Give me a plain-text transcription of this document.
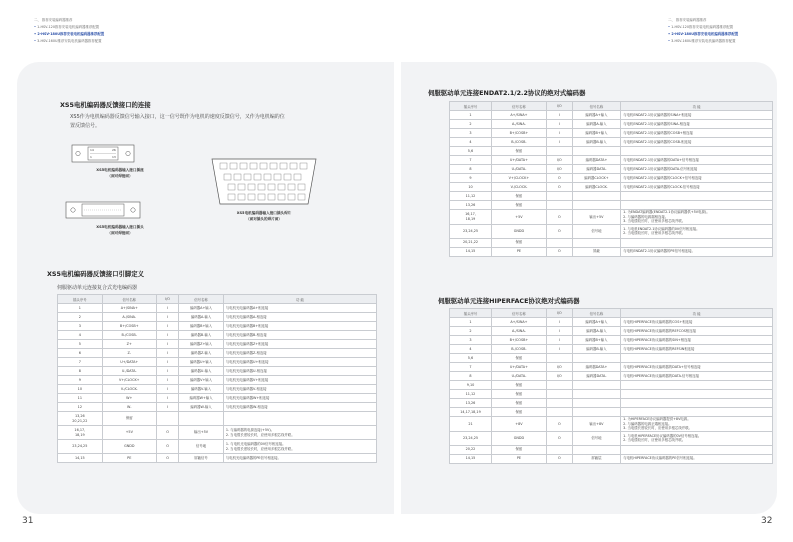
二、 推荐安装编码器推荐
• 1-HSV-120推荐安装电机编码器推荐配置
• 2-HSV-180U推荐安装电机编码器推荐配置
• 3-HSV-160U推荐安装电机编码器推荐配置
二、 推荐安装编码器推荐
• 1-HSV-120推荐安装电机编码器推荐配置
• 2-HSV-180U推荐安装电机编码器推荐配置
• 3-HSV-160U推荐安装电机编码器推荐配置
XS5电机编码器反馈接口的连接
XS5作为电机编码器反馈信号输入接口，这一信号既作为电机的速度反馈信号，又作为电机编的位
置反馈信号。
14	26
1	13
XS5电机编码器输入接口插座
（面对焊接面）
XS5电机编码器输入接口插头
（面对焊接面）
XS5电机编码器输入接口插头焊片
（面对插头的焊片面）
XS5电机编码器反馈接口引脚定义
伺服驱动单元连接复合式光电编码器
插头序号	信号名称	I/O	信号名称	功 能
1	A+/SINA+	I	编码器A+输入	与电机光电编码器A+相连接
2	A-/SINA-	I	编码器A-输入	与电机光电编码器A-相连接
3	B+/COSB+	I	编码器B+输入	与电机光电编码器B+相连接
4	B-/COSB-	I	编码器B-输入	与电机光电编码器B-相连接
5	Z+	I	编码器Z+输入	与电机光电编码器Z+相连接
6	Z-	I	编码器Z-输入	与电机光电编码器Z-相连接
7	U+/DATA+	I	编码器U+输入	与电机光电编码器U+相连接
8	U-/DATA-	I	编码器U-输入	与电机光电编码器U-相连接
9	V+/CLOCK+	I	编码器V+输入	与电机光电编码器V+相连接
10	V-/CLOCK-	I	编码器V-输入	与电机光电编码器V-相连接
11	W+	I	编码器W+输入	与电机光电编码器W+相连接
12	W-	I	编码器W-输入	与电机光电编码器W-相连接
13,26
20,21,22	保留			
16,17,
18,19	+5V	O	输出+5V	1. 与编码器的电源连接(+5V)。
2. 当电缆长度较长时，应使用多根芯线并联。
23,24,25	GNDD	O	信号地	1. 与电机光电编码器的0V信号相连接。
2. 当电缆长度较长时，应使用多根芯线并联。
14,15	PE	O	屏蔽信号	与电机光电编码器的PE信号相连接。
31
伺服驱动单元连接ENDAT2.1/2.2协议的绝对式编码器
插头序号	信号名称	I/O	信号名称	功 能
1	A+/SINA+	I	编码器A+输入	与电机ENDAT2.1协议编码器的SINA+相连接
2	A-/SINA-	I	编码器A-输入	与电机ENDAT2.1协议编码器的SINA-相连接
3	B+/COSB+	I	编码器B+输入	与电机ENDAT2.1协议编码器的COSB+相连接
4	B-/COSB-	I	编码器B-输入	与电机ENDAT2.1协议编码器的COSB-相连接
5,6	保留			
7	U+/DATA+	I/O	编码器DATA+	与电机ENDAT2.1协议编码器的DATA+信号相连接
8	U-/DATA-	I/O	编码器DATA-	与电机ENDAT2.1协议编码器的DATA-信号相连接
9	V+/CLOCK+	O	编码器CLOCK+	与电机ENDAT2.1协议编码器的CLOCK+信号相连接
10	V-/CLOCK-	O	编码器CLOCK-	与电机ENDAT2.1协议编码器的CLOCK-信号相连接
11,12	保留			
13,26	保留			
16,17,
18,19	+5V	O	输出+5V	1. 为ENDAT编码器(ENDAT2.1协议编码器供+5V电源)。
2. 与编码器的电源端相连接。
3. 当电缆较长时，应使用多根芯线并联。
23,24,25	GNDD	O	信号地	1. 与电机ENDAT2.1协议编码器的0V信号相连接。
2. 当电缆较长时，应使用多根芯线并联。
20,21,22	保留			
14,15	PE	O	屏蔽	与电机ENDAT2.1协议编码器的PE信号相连接。
伺服驱动单元连接HIPERFACE协议绝对式编码器
插头序号	信号名称	I/O	信号名称	功 能
1	A+/SINA+	I	编码器A+输入	与电机HIPERFACE协议编码器的COS+相连接
2	A-/SINA-	I	编码器A-输入	与电机HIPERFACE协议编码器的REFCOS相连接
3	B+/COSB+	I	编码器B+输入	与电机HIPERFACE协议编码器的SIN+相连接
4	B-/COSB-	I	编码器B-输入	与电机HIPERFACE协议编码器的REFSIN相连接
5,6	保留			
7	U+/DATA+	I/O	编码器DATA+	与电机HIPERFACE协议编码器的DATA+信号相连接
8	U-/DATA-	I/O	编码器DATA-	与电机HIPERFACE协议编码器的DATA-信号相连接
9,10	保留			
11,12	保留			
13,26	保留			
14,17,18,19	保留			
21	+8V	O	输出+8V	1. 为HIPERFACE协议编码器提供+8V电源。
2. 与编码器的电源正端相连接。
3. 当电缆长度较长时，应使用多根芯线并联。
23,24,25	GNDD	O	信号地	1. 与电机HIPERFACE协议编码器的0V信号相连接。
2. 当电缆较长时，应使用多根芯线并联。
20,22	保留			
14,15	PE	O	屏蔽层	与电机HIPERFACE协议编码器的PE信号相连接。
32
